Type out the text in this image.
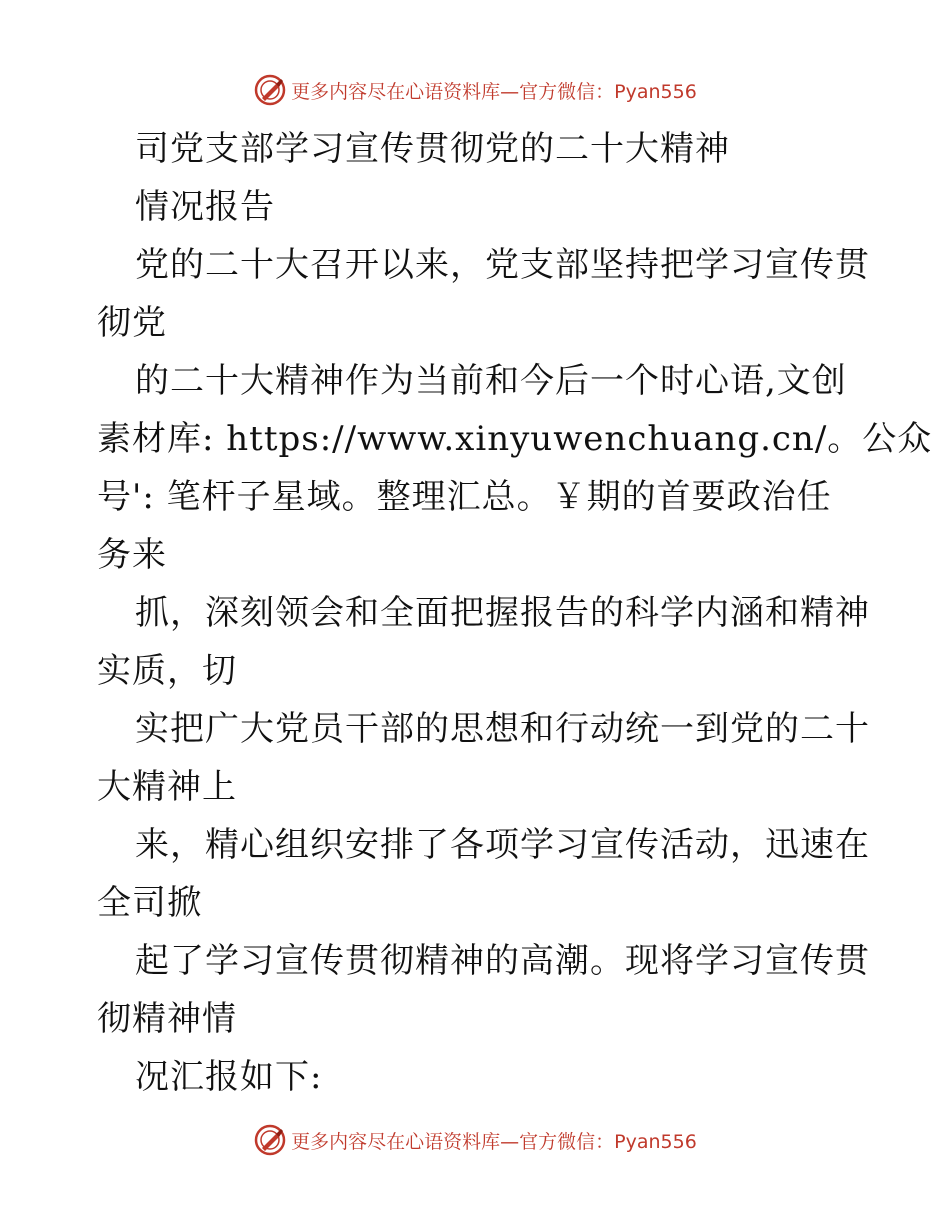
更多内容尽在心语资料库—官方微信：Pyan556
司党支部学习宣传贯彻党的二十大精神
情况报告
党的二十大召开以来，党支部坚持把学习宣传贯
彻党
的二十大精神作为当前和今后一个时心语,文创
素材库: https://www.xinyuwenchuang.cn/。公众
号': 笔杆子星域。整理汇总。￥期的首要政治任
务来
抓，深刻领会和全面把握报告的科学内涵和精神
实质，切
实把广大党员干部的思想和行动统一到党的二十
大精神上
来，精心组织安排了各项学习宣传活动，迅速在
全司掀
起了学习宣传贯彻精神的高潮。现将学习宣传贯
彻精神情
况汇报如下:
更多内容尽在心语资料库—官方微信：Pyan556
